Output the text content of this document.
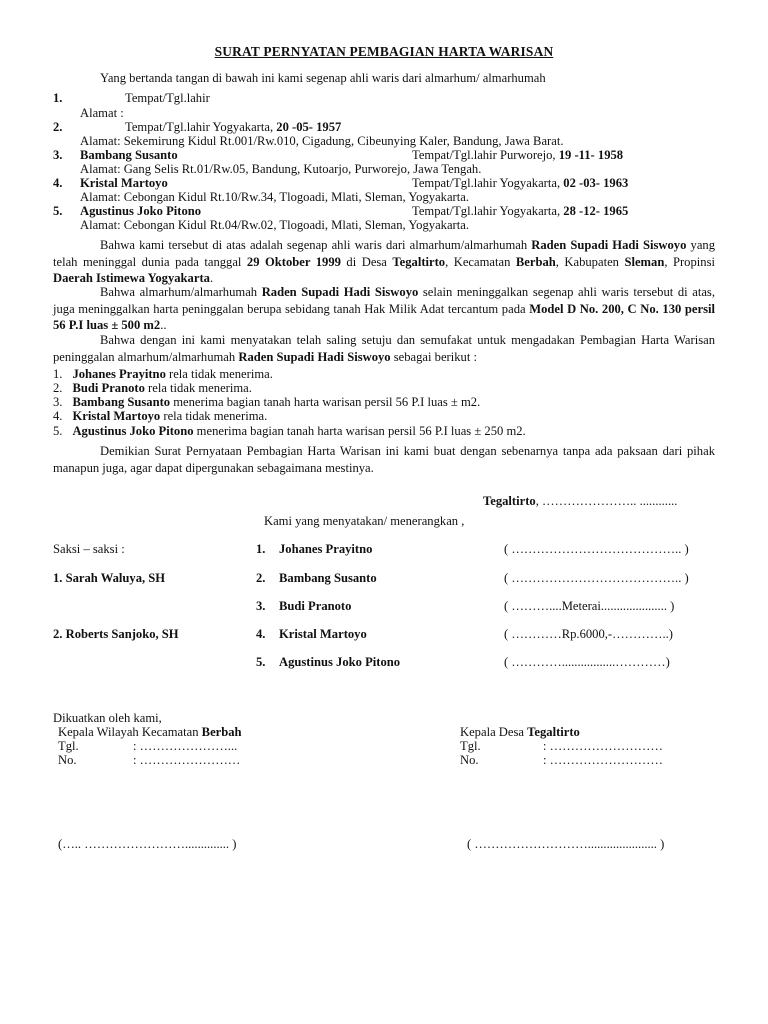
SURAT PERNYATAN PEMBAGIAN HARTA WARISAN
Yang bertanda tangan di bawah ini kami segenap ahli waris dari almarhum/ almarhumah
1.	Tempat/Tgl.lahir
Alamat :
2.	Tempat/Tgl.lahir Yogyakarta, 20 -05- 1957
Alamat: Sekemirung Kidul Rt.001/Rw.010, Cigadung, Cibeunying Kaler, Bandung, Jawa Barat.
3. Bambang Susanto	Tempat/Tgl.lahir Purworejo, 19 -11- 1958
Alamat: Gang Selis Rt.01/Rw.05, Bandung, Kutoarjo, Purworejo, Jawa Tengah.
4. Kristal Martoyo	Tempat/Tgl.lahir Yogyakarta, 02 -03- 1963
Alamat: Cebongan Kidul Rt.10/Rw.34, Tlogoadi, Mlati, Sleman, Yogyakarta.
5. Agustinus Joko Pitono	Tempat/Tgl.lahir Yogyakarta, 28 -12- 1965
Alamat: Cebongan Kidul Rt.04/Rw.02, Tlogoadi, Mlati, Sleman, Yogyakarta.
Bahwa kami tersebut di atas adalah segenap ahli waris dari almarhum/almarhumah Raden Supadi Hadi Siswoyo yang telah meninggal dunia pada tanggal 29 Oktober 1999 di Desa Tegaltirto, Kecamatan Berbah, Kabupaten Sleman, Propinsi Daerah Istimewa Yogyakarta.
Bahwa almarhum/almarhumah Raden Supadi Hadi Siswoyo selain meninggalkan segenap ahli waris tersebut di atas, juga meninggalkan harta peninggalan berupa sebidang tanah Hak Milik Adat tercantum pada Model D No. 200, C No. 130 persil 56 P.I luas ± 500 m2..
Bahwa dengan ini kami menyatakan telah saling setuju dan semufakat untuk mengadakan Pembagian Harta Warisan peninggalan almarhum/almarhumah Raden Supadi Hadi Siswoyo sebagai berikut :
1. Johanes Prayitno rela tidak menerima.
2. Budi Pranoto rela tidak menerima.
3. Bambang Susanto menerima bagian tanah harta warisan persil 56 P.I luas ± m2.
4. Kristal Martoyo rela tidak menerima.
5. Agustinus Joko Pitono menerima bagian tanah harta warisan persil 56 P.I luas ± 250 m2.
Demikian Surat Pernyataan Pembagian Harta Warisan ini kami buat dengan sebenarnya tanpa ada paksaan dari pihak manapun juga, agar dapat dipergunakan sebagaimana mestinya.
Tegaltirto, ………………….. ............
Kami yang menyatakan/ menerangkan ,
Saksi – saksi :
1. Sarah Waluya, SH
2. Roberts Sanjoko, SH
1. Johanes Prayitno	( ………………………………….. )
2. Bambang Susanto	( ………………………………….. )
3. Budi Pranoto	( ………....Meterai..................... )
4. Kristal Martoyo	( …………Rp.6000,-…………..)
5. Agustinus Joko Pitono	( ………….................…………)
Dikuatkan oleh kami,
Kepala Wilayah Kecamatan Berbah
Tgl.	: …………………...
No.	: ……………………
Kepala Desa Tegaltirto
Tgl.	: ………………………
No.	: ………………………
(….. …………………….............. )	( ………………………...................... )
